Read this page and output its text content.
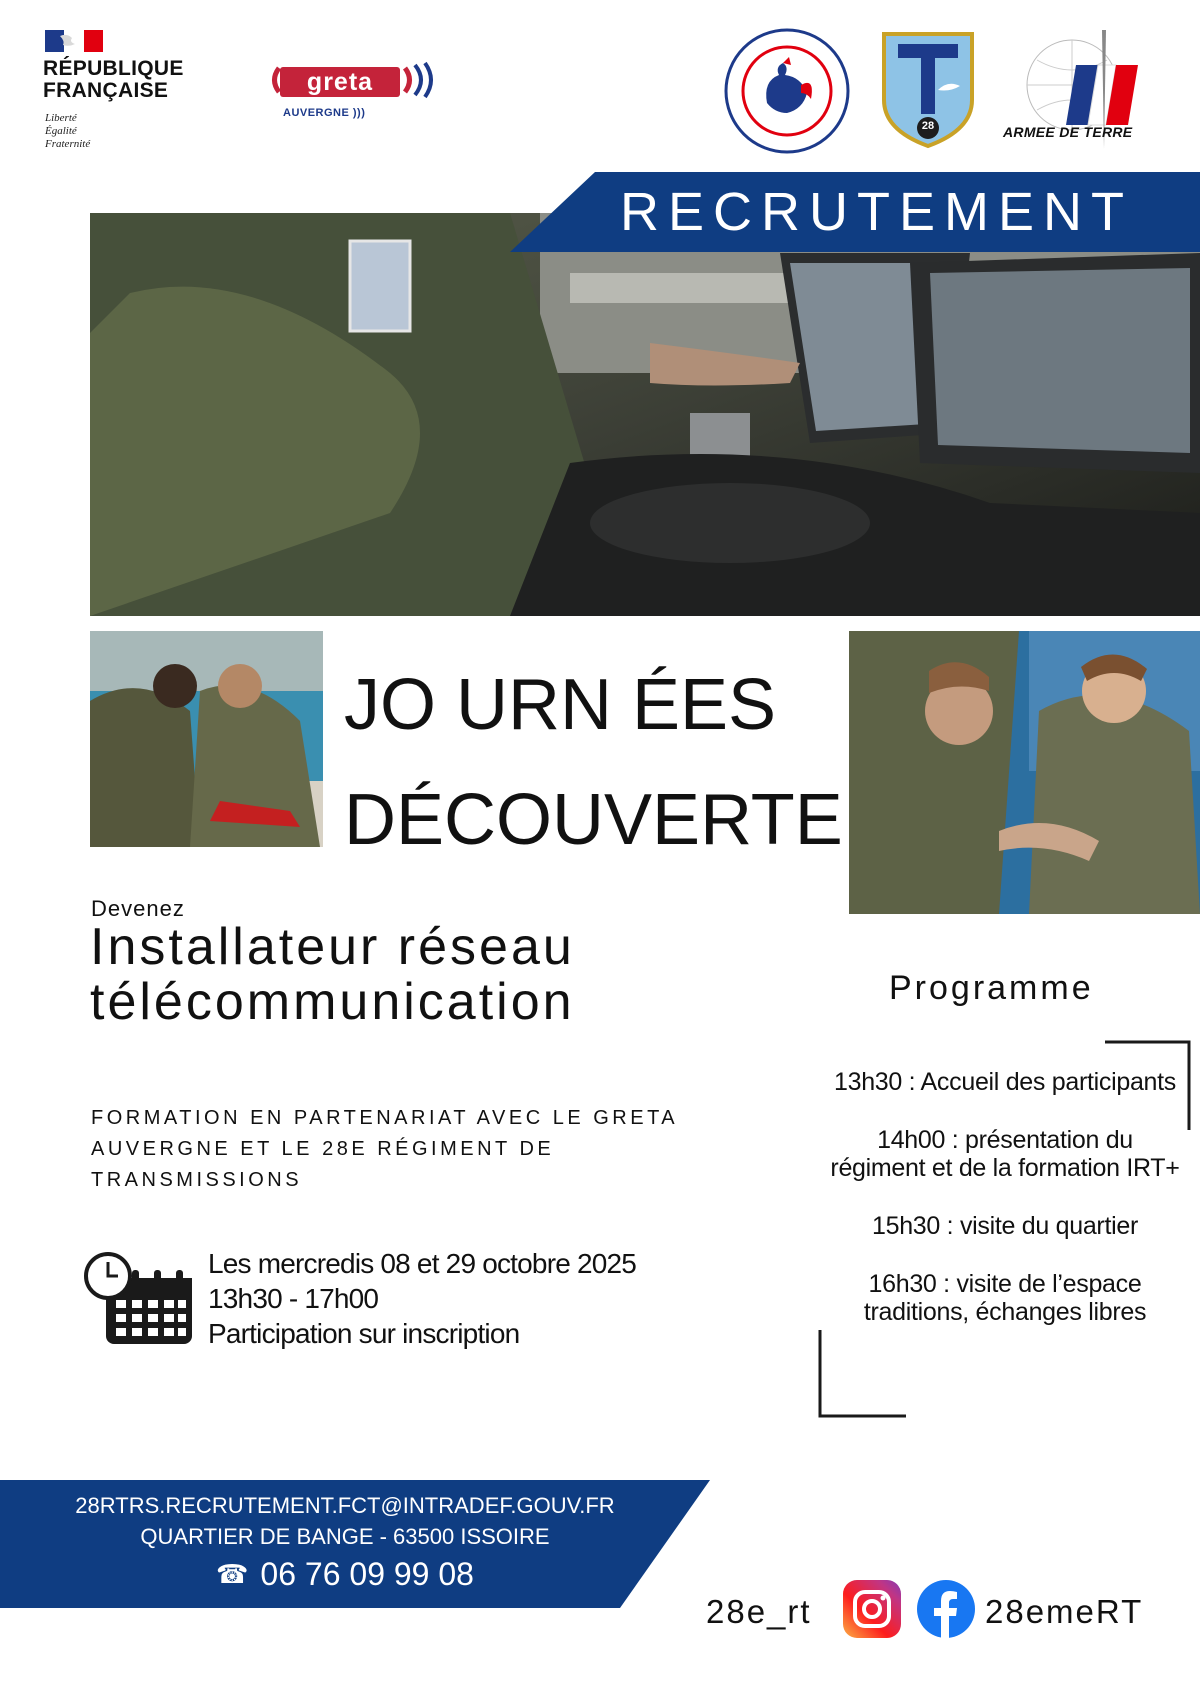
RÉPUBLIQUE
FRANÇAISE
Liberté
Égalité
Fraternité
greta
AUVERGNE )))
28	ARMEE DE TERRE
RECRUTEMENT
JO URN ÉES
DÉCOUVERTE
Devenez
Installateur réseau télécommunication
FORMATION EN PARTENARIAT AVEC LE GRETA AUVERGNE ET LE 28E RÉGIMENT DE TRANSMISSIONS
Les mercredis 08 et 29 octobre 2025
13h30 - 17h00
Participation sur inscription
Programme
13h30 : Accueil des participants
14h00 : présentation du régiment et de la formation IRT+
15h30 : visite du quartier
16h30 : visite de l’espace traditions, échanges libres
28RTRS.RECRUTEMENT.FCT@INTRADEF.GOUV.FR
QUARTIER DE BANGE - 63500 ISSOIRE
☎ 06 76 09 99 08
28e_rt	28emeRT
